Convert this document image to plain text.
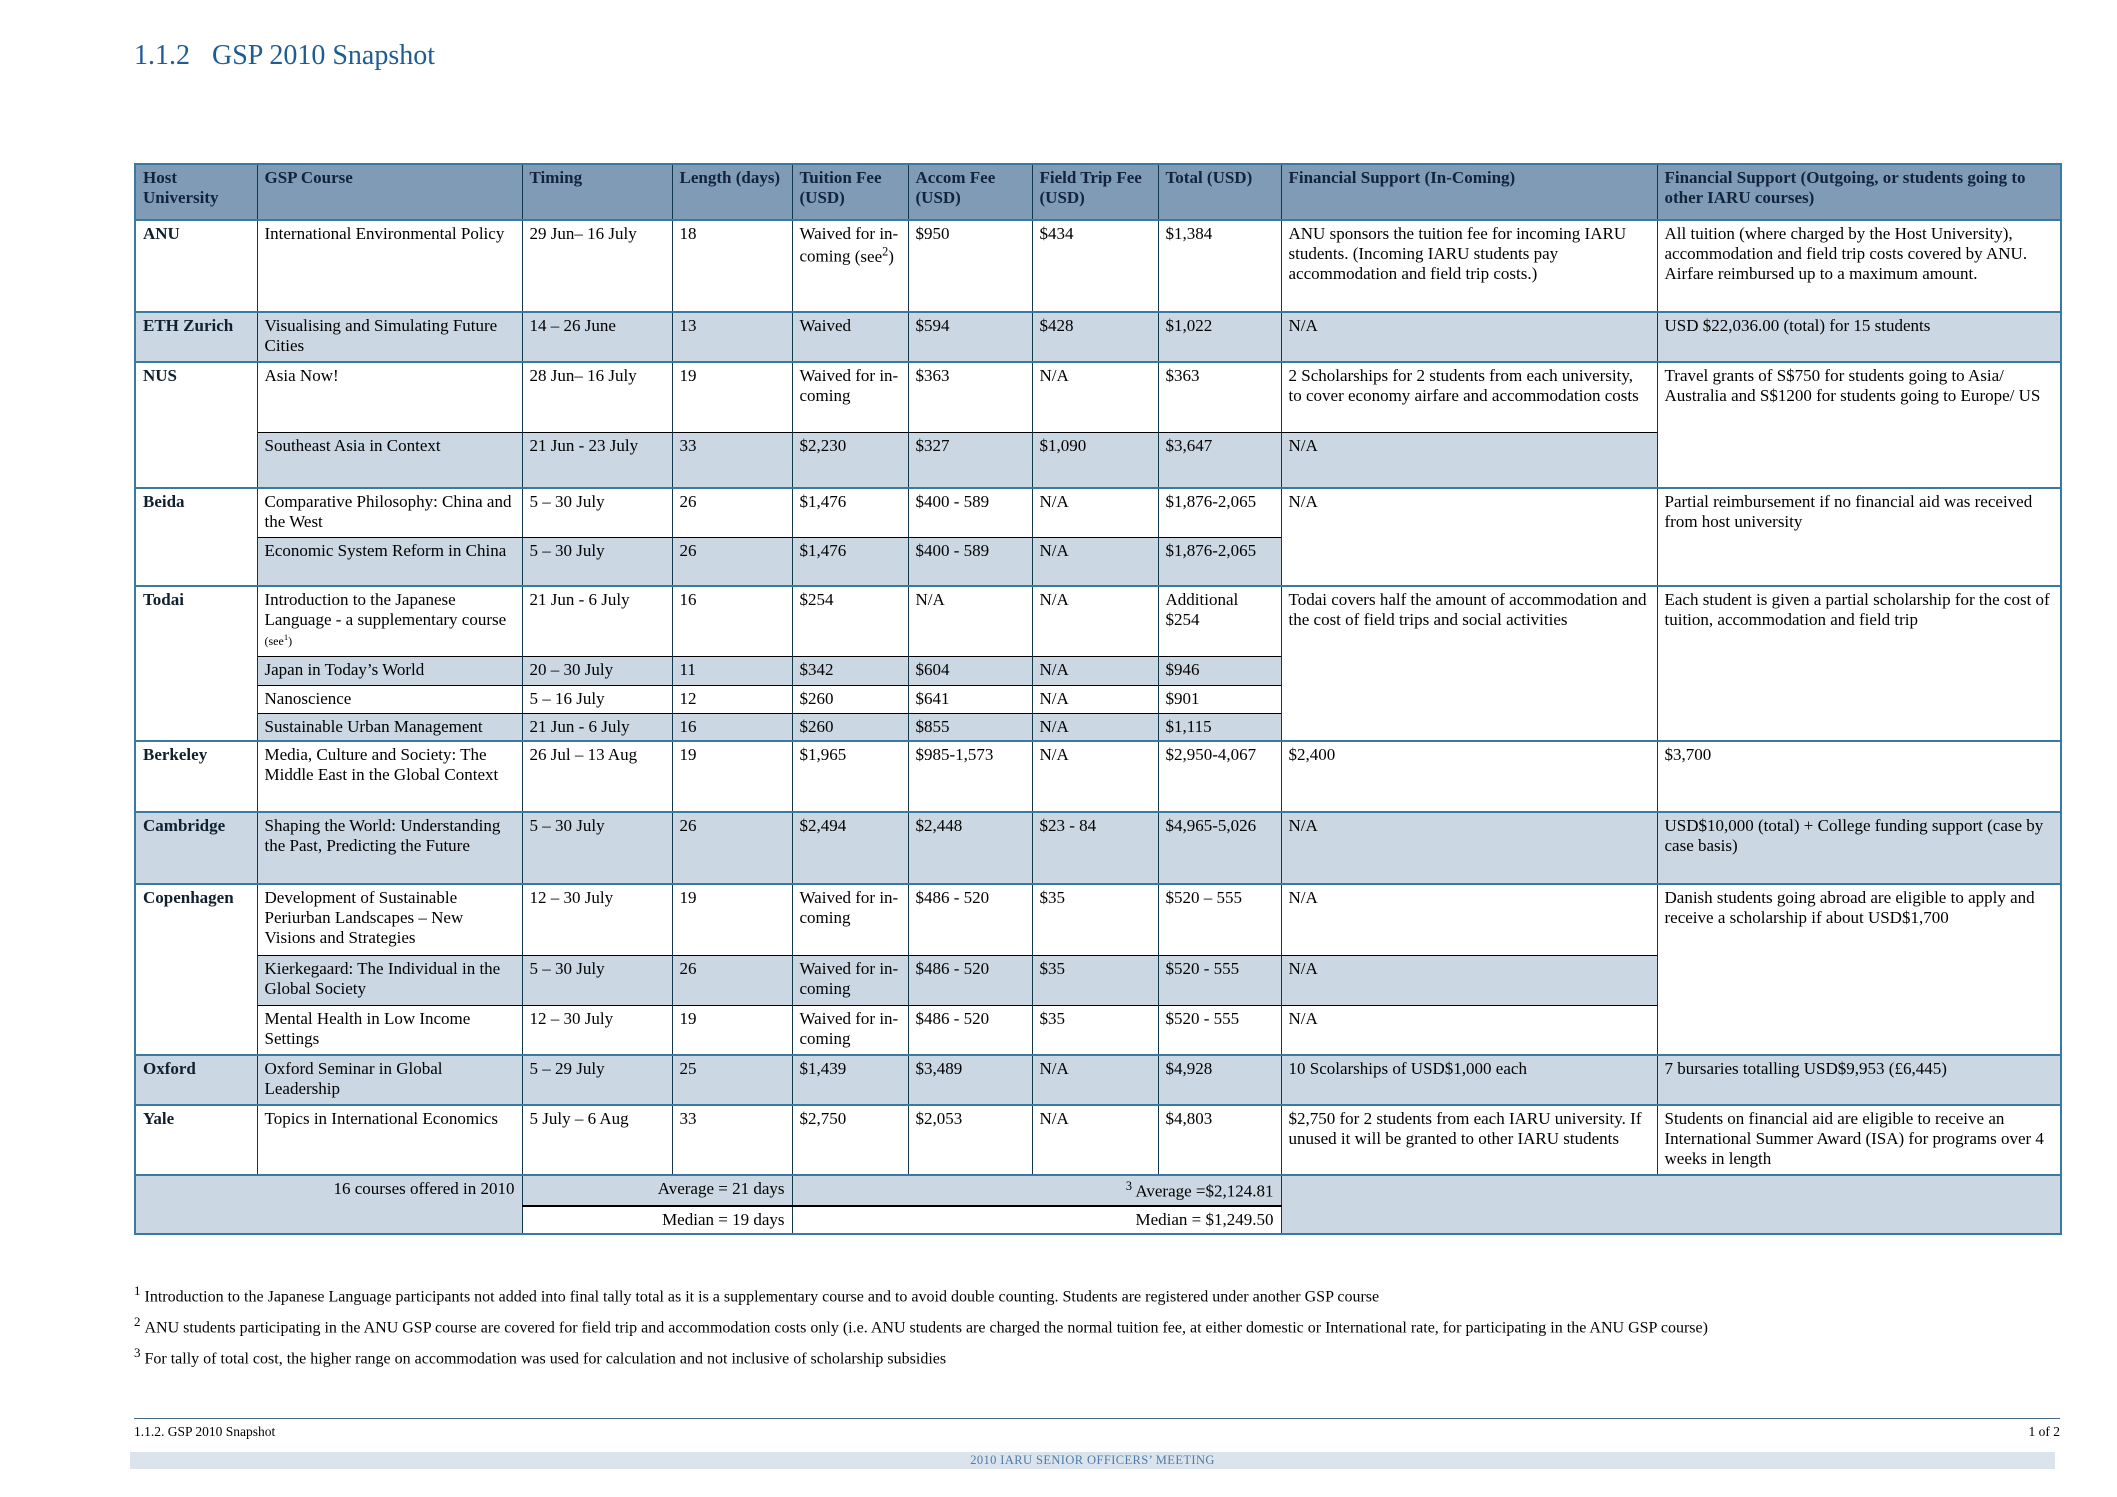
1.1.2 GSP 2010 Snapshot
Host University	GSP Course	Timing	Length (days)	Tuition Fee (USD)	Accom Fee (USD)	Field Trip Fee (USD)	Total (USD)	Financial Support (In-Coming)	Financial Support (Outgoing, or students going to other IARU courses)
ANU	International Environmental Policy	29 Jun– 16 July	18	Waived for in-coming (see$^2$)	$950	$434	$1,384	ANU sponsors the tuition fee for incoming IARU students. (Incoming IARU students pay accommodation and field trip costs.)	All tuition (where charged by the Host University), accommodation and field trip costs covered by ANU. Airfare reimbursed up to a maximum amount.
ETH Zurich	Visualising and Simulating Future Cities	14 – 26 June	13	Waived	$594	$428	$1,022	N/A	USD $22,036.00 (total) for 15 students
NUS	Asia Now!	28 Jun– 16 July	19	Waived for in-coming	$363	N/A	$363	2 Scholarships for 2 students from each university, to cover economy airfare and accommodation costs	Travel grants of S$750 for students going to Asia/ Australia and S$1200 for students going to Europe/ US
	Southeast Asia in Context	21 Jun - 23 July	33	$2,230	$327	$1,090	$3,647	N/A	
Beida	Comparative Philosophy: China and the West	5 – 30 July	26	$1,476	$400 - 589	N/A	$1,876-2,065	N/A	Partial reimbursement if no financial aid was received from host university
	Economic System Reform in China	5 – 30 July	26	$1,476	$400 - 589	N/A	$1,876-2,065		
Todai	Introduction to the Japanese Language - a supplementary course (see$^1$)	21 Jun - 6 July	16	$254	N/A	N/A	Additional $254	Todai covers half the amount of accommodation and the cost of field trips and social activities	Each student is given a partial scholarship for the cost of tuition, accommodation and field trip
	Japan in Today’s World	20 – 30 July	11	$342	$604	N/A	$946		
	Nanoscience	5 – 16 July	12	$260	$641	N/A	$901		
	Sustainable Urban Management	21 Jun - 6 July	16	$260	$855	N/A	$1,115		
Berkeley	Media, Culture and Society: The Middle East in the Global Context	26 Jul – 13 Aug	19	$1,965	$985-1,573	N/A	$2,950-4,067	$2,400	$3,700
Cambridge	Shaping the World: Understanding the Past, Predicting the Future	5 – 30 July	26	$2,494	$2,448	$23 - 84	$4,965-5,026	N/A	USD$10,000 (total) + College funding support (case by case basis)
Copenhagen	Development of Sustainable Periurban Landscapes – New Visions and Strategies	12 – 30 July	19	Waived for in-coming	$486 - 520	$35	$520 – 555	N/A	Danish students going abroad are eligible to apply and receive a scholarship if about USD$1,700
	Kierkegaard: The Individual in the Global Society	5 – 30 July	26	Waived for in-coming	$486 - 520	$35	$520 - 555	N/A	
	Mental Health in Low Income Settings	12 – 30 July	19	Waived for in-coming	$486 - 520	$35	$520 - 555	N/A	
Oxford	Oxford Seminar in Global Leadership	5 – 29 July	25	$1,439	$3,489	N/A	$4,928	10 Scolarships of USD$1,000 each	7 bursaries totalling USD$9,953 (£6,445)
Yale	Topics in International Economics	5 July – 6 Aug	33	$2,750	$2,053	N/A	$4,803	$2,750 for 2 students from each IARU university. If unused it will be granted to other IARU students	Students on financial aid are eligible to receive an International Summer Award (ISA) for programs over 4 weeks in length
16 courses offered in 2010		Average = 21 days		$^3$ Average =$2,124.81					
		Median = 19 days		Median = $1,249.50					
$^1$ Introduction to the Japanese Language participants not added into final tally total as it is a supplementary course and to avoid double counting. Students are registered under another GSP course
$^2$ ANU students participating in the ANU GSP course are covered for field trip and accommodation costs only (i.e. ANU students are charged the normal tuition fee, at either domestic or International rate, for participating in the ANU GSP course)
$^3$ For tally of total cost, the higher range on accommodation was used for calculation and not inclusive of scholarship subsidies
1.1.2. GSP 2010 Snapshot	1 of 2
2010 IARU SENIOR OFFICERS’ MEETING
